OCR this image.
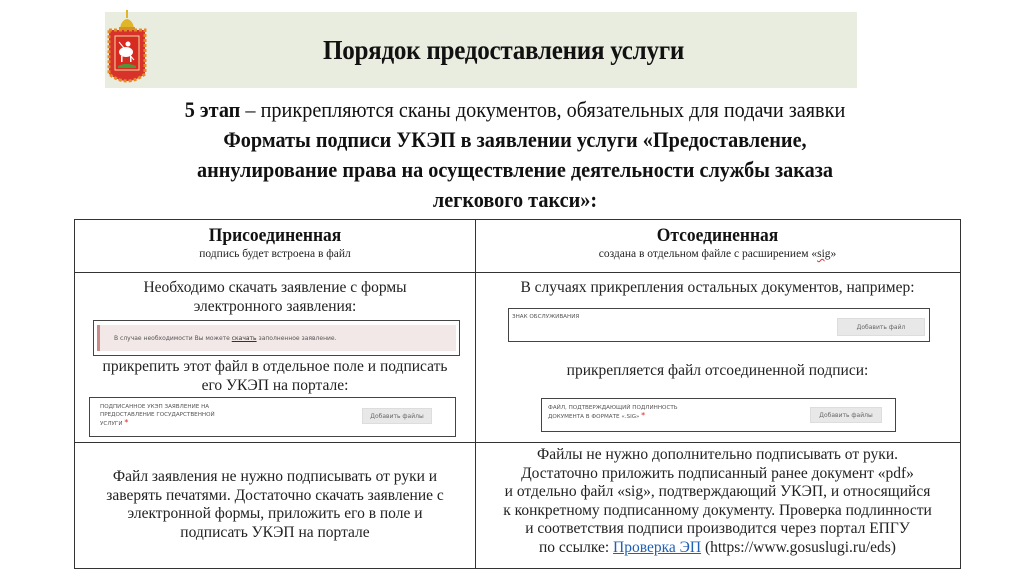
Порядок предоставления услуги
5 этап – прикрепляются сканы документов, обязательных для подачи заявки
Форматы подписи УКЭП в заявлении услуги «Предоставление,
аннулирование права на осуществление деятельности службы заказа
легкового такси»:
Присоединенная
подпись будет встроена в файл
Отсоединенная
создана в отдельном файле с расширением «sig»
Необходимо скачать заявление с формы
электронного заявления:
В случае необходимости Вы можете скачать заполненное заявление.
прикрепить этот файл в отдельное поле и подписать
его УКЭП на портале:
ПОДПИСАННОЕ УКЭП ЗАЯВЛЕНИЕ НА
ПРЕДОСТАВЛЕНИЕ ГОСУДАРСТВЕННОЙ
УСЛУГИ *
Добавить файлы
В случаях прикрепления остальных документов, например:
ЗНАК ОБСЛУЖИВАНИЯ
Добавить файл
прикрепляется файл отсоединенной подписи:
ФАЙЛ, ПОДТВЕРЖДАЮЩИЙ ПОДЛИННОСТЬ
ДОКУМЕНТА В ФОРМАТЕ «.SIG» *	Добавить файлы
Файл заявления не нужно подписывать от руки и
заверять печатями. Достаточно скачать заявление с
электронной формы, приложить его в поле и
подписать УКЭП на портале
Файлы не нужно дополнительно подписывать от руки.
Достаточно приложить подписанный ранее документ «pdf»
и отдельно файл «sig», подтверждающий УКЭП, и относящийся
к конкретному подписанному документу. Проверка подлинности
и соответствия подписи производится через портал ЕПГУ
по ссылке: Проверка ЭП (https://www.gosuslugi.ru/eds)
